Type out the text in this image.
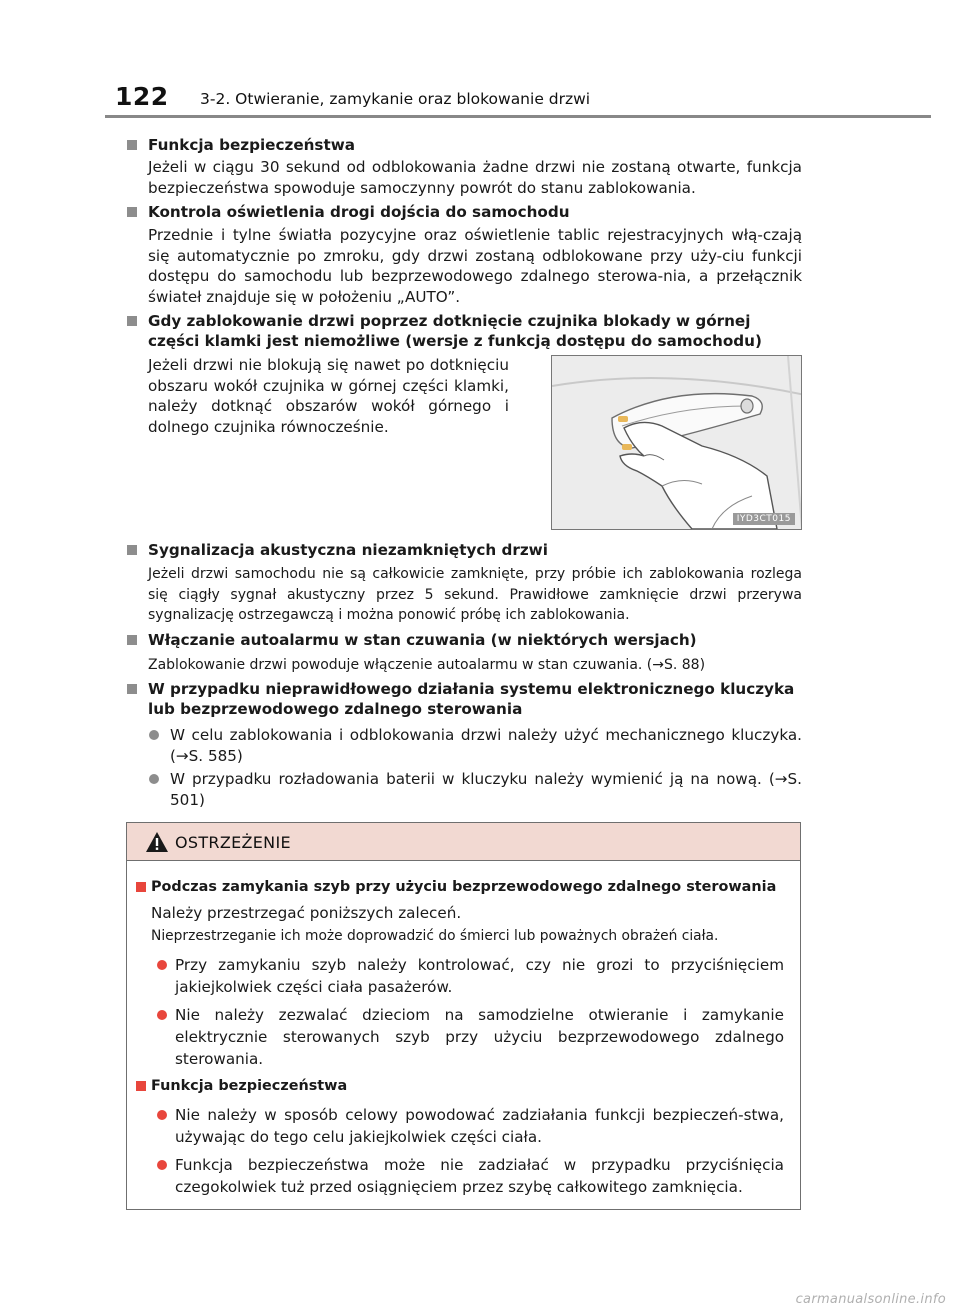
122 3-2. Otwieranie, zamykanie oraz blokowanie drzwi
Funkcja bezpieczeństwa
Jeżeli w ciągu 30 sekund od odblokowania żadne drzwi nie zostaną otwarte, funkcja bezpieczeństwa spowoduje samoczynny powrót do stanu zablokowania.
Kontrola oświetlenia drogi dojścia do samochodu
Przednie i tylne światła pozycyjne oraz oświetlenie tablic rejestracyjnych włą-czają się automatycznie po zmroku, gdy drzwi zostaną odblokowane przy uży-ciu funkcji dostępu do samochodu lub bezprzewodowego zdalnego sterowa-nia, a przełącznik świateł znajduje się w położeniu „AUTO”.
Gdy zablokowanie drzwi poprzez dotknięcie czujnika blokady w górnej części klamki jest niemożliwe (wersje z funkcją dostępu do samochodu)
Jeżeli drzwi nie blokują się nawet po dotknięciu obszaru wokół czujnika w górnej części klamki, należy dotknąć obszarów wokół górnego i dolnego czujnika równocześnie.
IYD3CT015
Sygnalizacja akustyczna niezamkniętych drzwi
Jeżeli drzwi samochodu nie są całkowicie zamknięte, przy próbie ich zablokowania rozlega się ciągły sygnał akustyczny przez 5 sekund. Prawidłowe zamknięcie drzwi przerywa sygnalizację ostrzegawczą i można ponowić próbę ich zablokowania.
Włączanie autoalarmu w stan czuwania (w niektórych wersjach)
Zablokowanie drzwi powoduje włączenie autoalarmu w stan czuwania. (→S. 88)
W przypadku nieprawidłowego działania systemu elektronicznego kluczyka lub bezprzewodowego zdalnego sterowania
W celu zablokowania i odblokowania drzwi należy użyć mechanicznego kluczyka. (→S. 585)
W przypadku rozładowania baterii w kluczyku należy wymienić ją na nową. (→S. 501)
OSTRZEŻENIE
Podczas zamykania szyb przy użyciu bezprzewodowego zdalnego sterowania
Należy przestrzegać poniższych zaleceń.
Nieprzestrzeganie ich może doprowadzić do śmierci lub poważnych obrażeń ciała.
Przy zamykaniu szyb należy kontrolować, czy nie grozi to przyciśnięciem jakiejkolwiek części ciała pasażerów.
Nie należy zezwalać dzieciom na samodzielne otwieranie i zamykanie elektrycznie sterowanych szyb przy użyciu bezprzewodowego zdalnego sterowania.
Funkcja bezpieczeństwa
Nie należy w sposób celowy powodować zadziałania funkcji bezpieczeń-stwa, używając do tego celu jakiejkolwiek części ciała.
Funkcja bezpieczeństwa może nie zadziałać w przypadku przyciśnięcia czegokolwiek tuż przed osiągnięciem przez szybę całkowitego zamknięcia.
carmanualsonline.info
